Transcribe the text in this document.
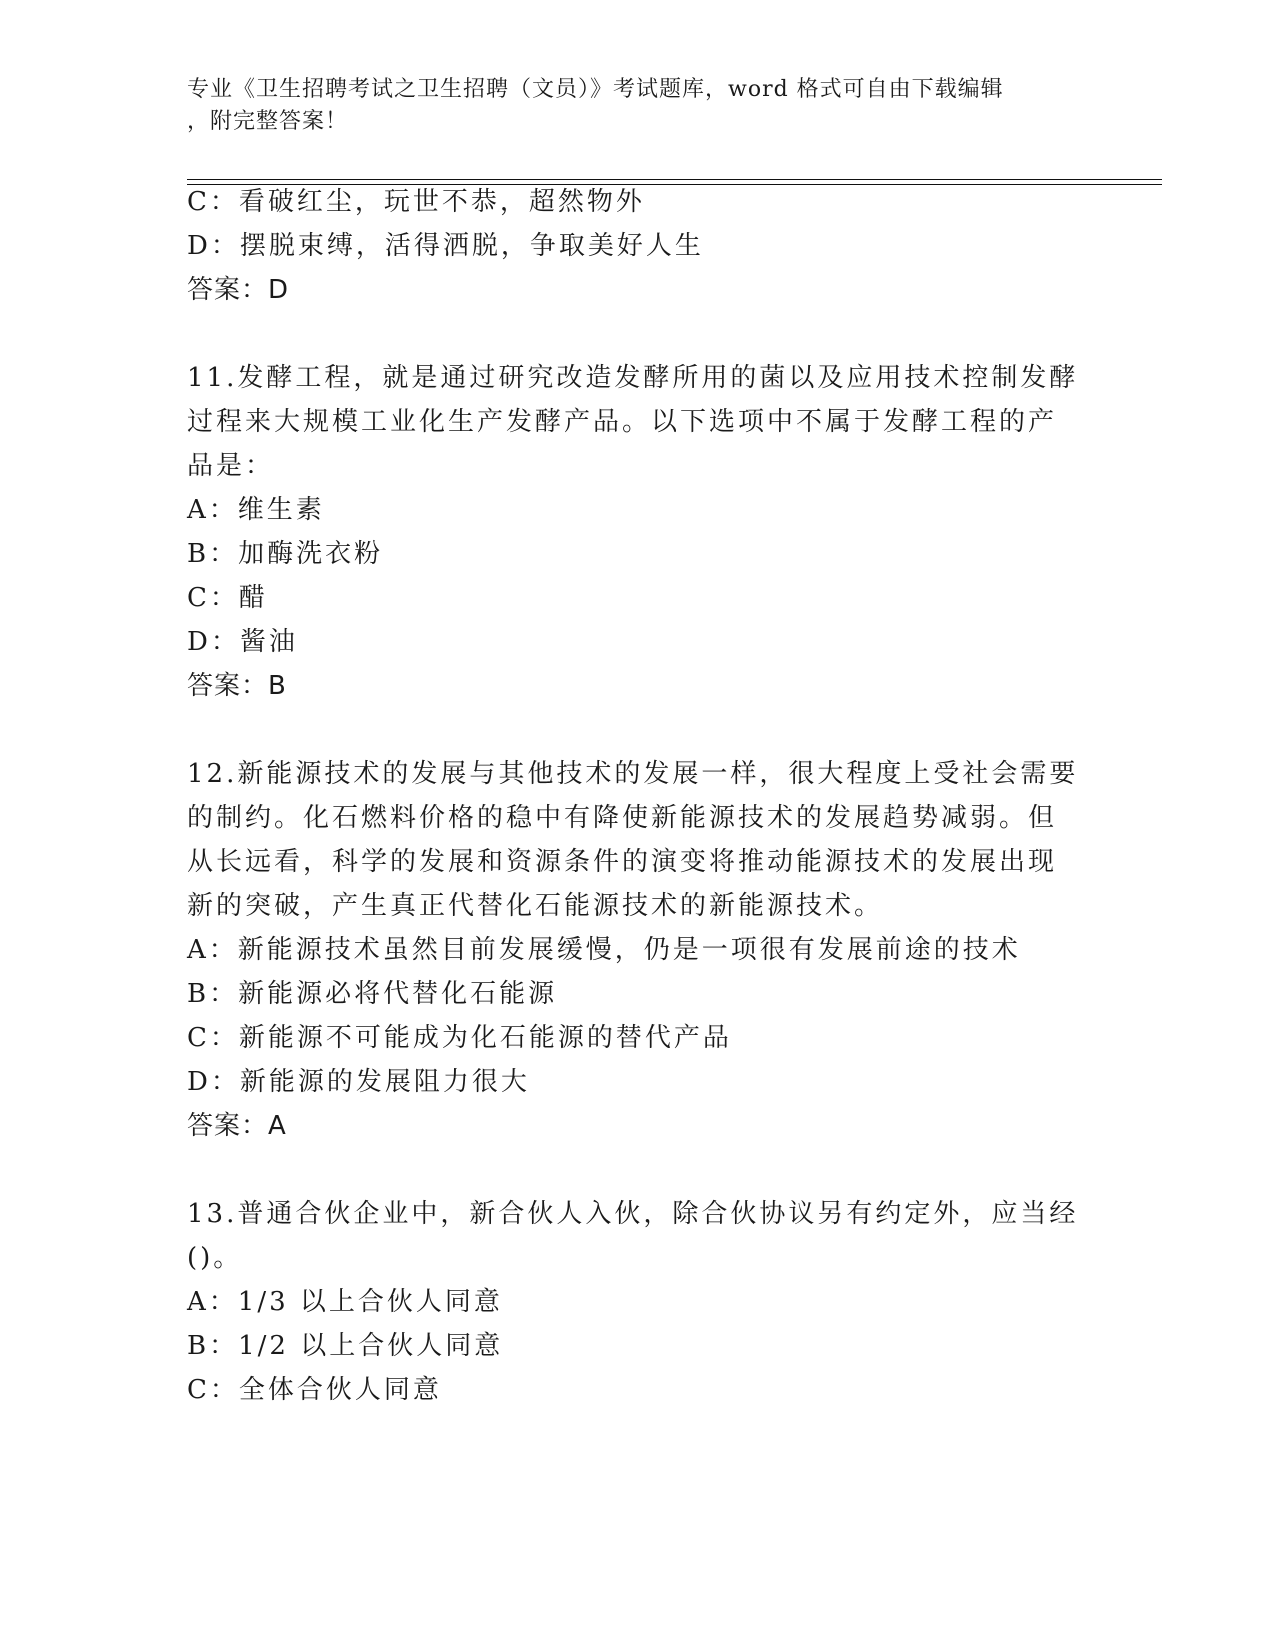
专业《卫生招聘考试之卫生招聘（文员）》考试题库，word 格式可自由下载编辑
，附完整答案！
C：看破红尘，玩世不恭，超然物外
D：摆脱束缚，活得洒脱，争取美好人生
答案：D
11.发酵工程，就是通过研究改造发酵所用的菌以及应用技术控制发酵
过程来大规模工业化生产发酵产品。以下选项中不属于发酵工程的产
品是：
A：维生素
B：加酶洗衣粉
C：醋
D：酱油
答案：B
12.新能源技术的发展与其他技术的发展一样，很大程度上受社会需要
的制约。化石燃料价格的稳中有降使新能源技术的发展趋势减弱。但
从长远看，科学的发展和资源条件的演变将推动能源技术的发展出现
新的突破，产生真正代替化石能源技术的新能源技术。
A：新能源技术虽然目前发展缓慢，仍是一项很有发展前途的技术
B：新能源必将代替化石能源
C：新能源不可能成为化石能源的替代产品
D：新能源的发展阻力很大
答案：A
13.普通合伙企业中，新合伙人入伙，除合伙协议另有约定外，应当经
()。
A：1/3 以上合伙人同意
B：1/2 以上合伙人同意
C：全体合伙人同意
